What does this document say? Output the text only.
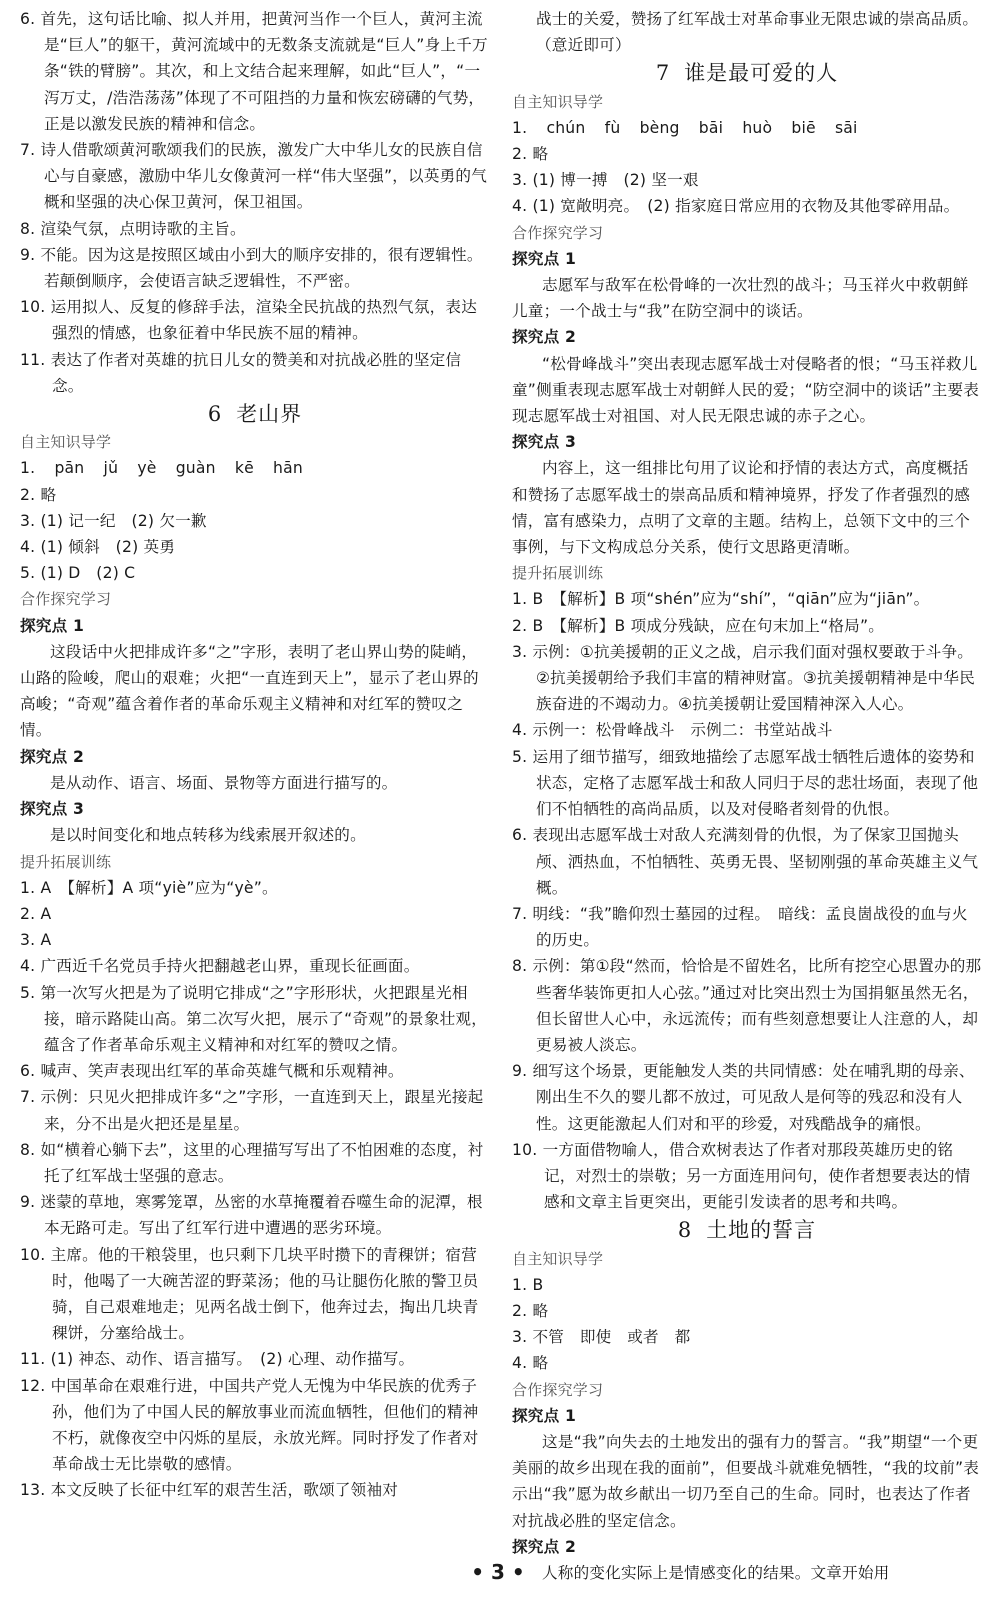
6. 首先，这句话比喻、拟人并用，把黄河当作一个巨人，黄河主流是“巨人”的躯干，黄河流域中的无数条支流就是“巨人”身上千万条“铁的臂膀”。其次，和上文结合起来理解，如此“巨人”，“一泻万丈，/浩浩荡荡”体现了不可阻挡的力量和恢宏磅礴的气势，正是以激发民族的精神和信念。
7. 诗人借歌颂黄河歌颂我们的民族，激发广大中华儿女的民族自信心与自豪感，激励中华儿女像黄河一样“伟大坚强”，以英勇的气概和坚强的决心保卫黄河，保卫祖国。
8. 渲染气氛，点明诗歌的主旨。
9. 不能。因为这是按照区域由小到大的顺序安排的，很有逻辑性。若颠倒顺序，会使语言缺乏逻辑性，不严密。
10. 运用拟人、反复的修辞手法，渲染全民抗战的热烈气氛，表达强烈的情感，也象征着中华民族不屈的精神。
11. 表达了作者对英雄的抗日儿女的赞美和对抗战必胜的坚定信念。
6 老山界
自主知识导学
1. pān jǔ yè guàn kē hān
2. 略
3. (1) 记一纪　(2) 欠一歉
4. (1) 倾斜　(2) 英勇
5. (1) D　(2) C
合作探究学习
探究点 1
这段话中火把排成许多“之”字形，表明了老山界山势的陡峭，山路的险峻，爬山的艰难；火把“一直连到天上”，显示了老山界的高峻；“奇观”蕴含着作者的革命乐观主义精神和对红军的赞叹之情。
探究点 2
是从动作、语言、场面、景物等方面进行描写的。
探究点 3
是以时间变化和地点转移为线索展开叙述的。
提升拓展训练
1. A　【解析】A 项“yiè”应为“yè”。
2. A
3. A
4. 广西近千名党员手持火把翻越老山界，重现长征画面。
5. 第一次写火把是为了说明它排成“之”字形形状，火把跟星光相接，暗示路陡山高。第二次写火把，展示了“奇观”的景象壮观，蕴含了作者革命乐观主义精神和对红军的赞叹之情。
6. 喊声、笑声表现出红军的革命英雄气概和乐观精神。
7. 示例：只见火把排成许多“之”字形，一直连到天上，跟星光接起来，分不出是火把还是星星。
8. 如“横着心躺下去”，这里的心理描写写出了不怕困难的态度，衬托了红军战士坚强的意志。
9. 迷蒙的草地，寒雾笼罩，丛密的水草掩覆着吞噬生命的泥潭，根本无路可走。写出了红军行进中遭遇的恶劣环境。
10. 主席。他的干粮袋里，也只剩下几块平时攒下的青稞饼；宿营时，他喝了一大碗苦涩的野菜汤；他的马让腿伤化脓的警卫员骑，自己艰难地走；见两名战士倒下，他奔过去，掏出几块青稞饼，分塞给战士。
11. (1) 神态、动作、语言描写。　(2) 心理、动作描写。
12. 中国革命在艰难行进，中国共产党人无愧为中华民族的优秀子孙，他们为了中国人民的解放事业而流血牺牲，但他们的精神不朽，就像夜空中闪烁的星辰，永放光辉。同时抒发了作者对革命战士无比崇敬的感情。
13. 本文反映了长征中红军的艰苦生活，歌颂了领袖对
战士的关爱，赞扬了红军战士对革命事业无限忠诚的崇高品质。（意近即可）
7 谁是最可爱的人
自主知识导学
1. chún fù bèng bāi huò biē sāi
2. 略
3. (1) 博一搏　(2) 坚一艰
4. (1) 宽敞明亮。　(2) 指家庭日常应用的衣物及其他零碎用品。
合作探究学习
探究点 1
志愿军与敌军在松骨峰的一次壮烈的战斗；马玉祥火中救朝鲜儿童；一个战士与“我”在防空洞中的谈话。
探究点 2
“松骨峰战斗”突出表现志愿军战士对侵略者的恨；“马玉祥救儿童”侧重表现志愿军战士对朝鲜人民的爱；“防空洞中的谈话”主要表现志愿军战士对祖国、对人民无限忠诚的赤子之心。
探究点 3
内容上，这一组排比句用了议论和抒情的表达方式，高度概括和赞扬了志愿军战士的崇高品质和精神境界，抒发了作者强烈的感情，富有感染力，点明了文章的主题。结构上，总领下文中的三个事例，与下文构成总分关系，使行文思路更清晰。
提升拓展训练
1. B　【解析】B 项“shén”应为“shí”，“qiān”应为“jiān”。
2. B　【解析】B 项成分残缺，应在句末加上“格局”。
3. 示例：①抗美援朝的正义之战，启示我们面对强权要敢于斗争。②抗美援朝给予我们丰富的精神财富。③抗美援朝精神是中华民族奋进的不竭动力。④抗美援朝让爱国精神深入人心。
4. 示例一：松骨峰战斗　示例二：书堂站战斗
5. 运用了细节描写，细致地描绘了志愿军战士牺牲后遗体的姿势和状态，定格了志愿军战士和敌人同归于尽的悲壮场面，表现了他们不怕牺牲的高尚品质，以及对侵略者刻骨的仇恨。
6. 表现出志愿军战士对敌人充满刻骨的仇恨，为了保家卫国抛头颅、洒热血，不怕牺牲、英勇无畏、坚韧刚强的革命英雄主义气概。
7. 明线：“我”瞻仰烈士墓园的过程。　暗线：孟良崮战役的血与火的历史。
8. 示例：第①段“然而，恰恰是不留姓名，比所有挖空心思置办的那些奢华装饰更扣人心弦。”通过对比突出烈士为国捐躯虽然无名，但长留世人心中，永远流传；而有些刻意想要让人注意的人，却更易被人淡忘。
9. 细写这个场景，更能触发人类的共同情感：处在哺乳期的母亲、刚出生不久的婴儿都不放过，可见敌人是何等的残忍和没有人性。这更能激起人们对和平的珍爱，对残酷战争的痛恨。
10. 一方面借物喻人，借合欢树表达了作者对那段英雄历史的铭记，对烈士的崇敬；另一方面连用问句，使作者想要表达的情感和文章主旨更突出，更能引发读者的思考和共鸣。
8 土地的誓言
自主知识导学
1. B
2. 略
3. 不管　即使　或者　都
4. 略
合作探究学习
探究点 1
这是“我”向失去的土地发出的强有力的誓言。“我”期望“一个更美丽的故乡出现在我的面前”，但要战斗就难免牺牲，“我的坟前”表示出“我”愿为故乡献出一切乃至自己的生命。同时，也表达了作者对抗战必胜的坚定信念。
探究点 2
人称的变化实际上是情感变化的结果。文章开始用
• 3 •
